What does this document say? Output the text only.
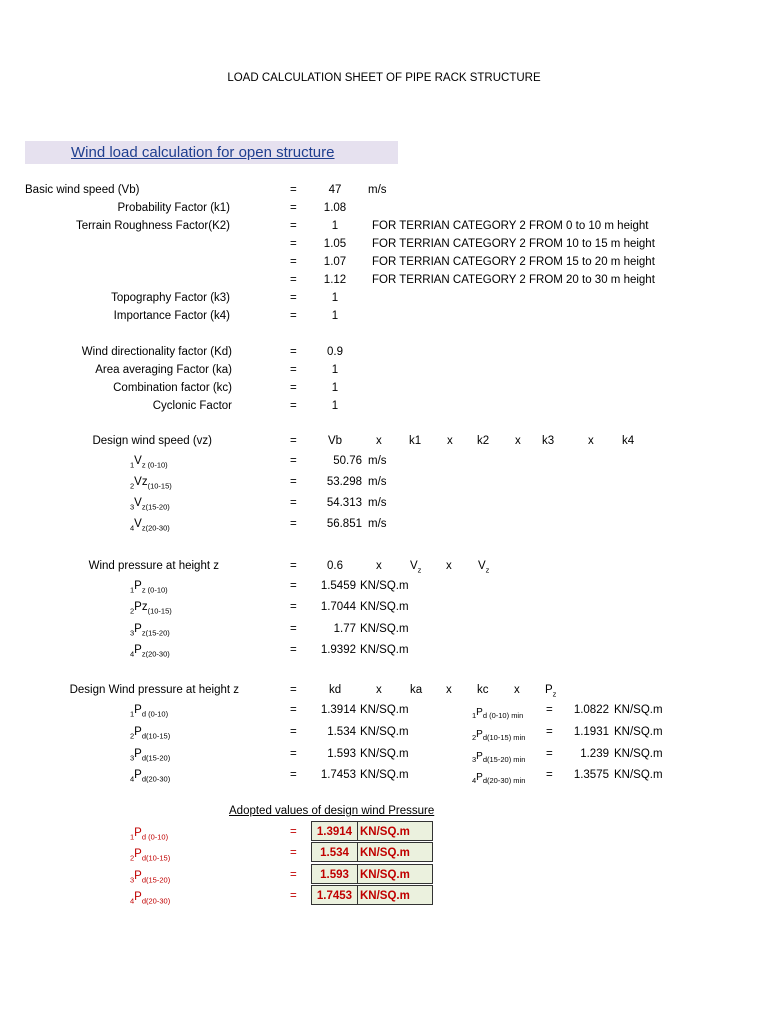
LOAD CALCULATION SHEET OF PIPE RACK STRUCTURE
Wind load calculation for open structure
Basic wind speed (Vb)	=	47	m/s
Probability Factor (k1)	=	1.08
Terrain Roughness Factor(K2)	=	1	FOR TERRIAN CATEGORY 2 FROM 0 to 10 m height
=	1.05	FOR TERRIAN CATEGORY 2 FROM 10 to 15 m height
=	1.07	FOR TERRIAN CATEGORY 2 FROM 15 to 20 m height
=	1.12	FOR TERRIAN CATEGORY 2 FROM 20 to 30 m height
Topography Factor (k3)	=	1
Importance Factor (k4)	=	1
Wind directionality factor (Kd)	=	0.9
Area averaging Factor (ka)	=	1
Combination factor (kc)	=	1
Cyclonic Factor	=	1
Design wind speed (vz)	=	Vb	x k1 x k2 x k3	x k4
$_1V_{z (0-10)}$	=	50.76 m/s
$_2Vz_{(10-15)}$	=	53.298 m/s
$_3V_{z(15-20)}$	=	54.313 m/s
$_4V_{z(20-30)}$	=	56.851 m/s
Wind pressure at height z	=	0.6	x $V_z$ x $V_z$
$_1P_{z (0-10)}$	= 1.5459 KN/SQ.m
$_2Pz_{(10-15)}$	= 1.7044 KN/SQ.m
$_3P_{z(15-20)}$	=	1.77 KN/SQ.m
$_4P_{z(20-30)}$	= 1.9392 KN/SQ.m
Design Wind pressure at height z	=	kd	x ka x kc x $P_z$
$_1P_{d (0-10)}$	= 1.3914 KN/SQ.m	$_1P_{d (0-10) min} = 1.0822$ KN/SQ.m
$_2P_{d(10-15)}$	=	1.534 KN/SQ.m	$_2P_{d(10-15) min} = 1.1931$ KN/SQ.m
$_3P_{d(15-20)}$	=	1.593 KN/SQ.m	$_3P_{d(15-20) min} = 1.239$ KN/SQ.m
$_4P_{d(20-30)}$	= 1.7453 KN/SQ.m	$_4P_{d(20-30) min} = 1.3575$ KN/SQ.m
Adopted values of design wind Pressure
$_1P_{d (0-10)}$	=	1.3914 KN/SQ.m
$_2P_{d(10-15)}$	=	1.534 KN/SQ.m
$_3P_{d(15-20)}$	=	1.593 KN/SQ.m
$_4P_{d(20-30)}$	=	1.7453 KN/SQ.m
